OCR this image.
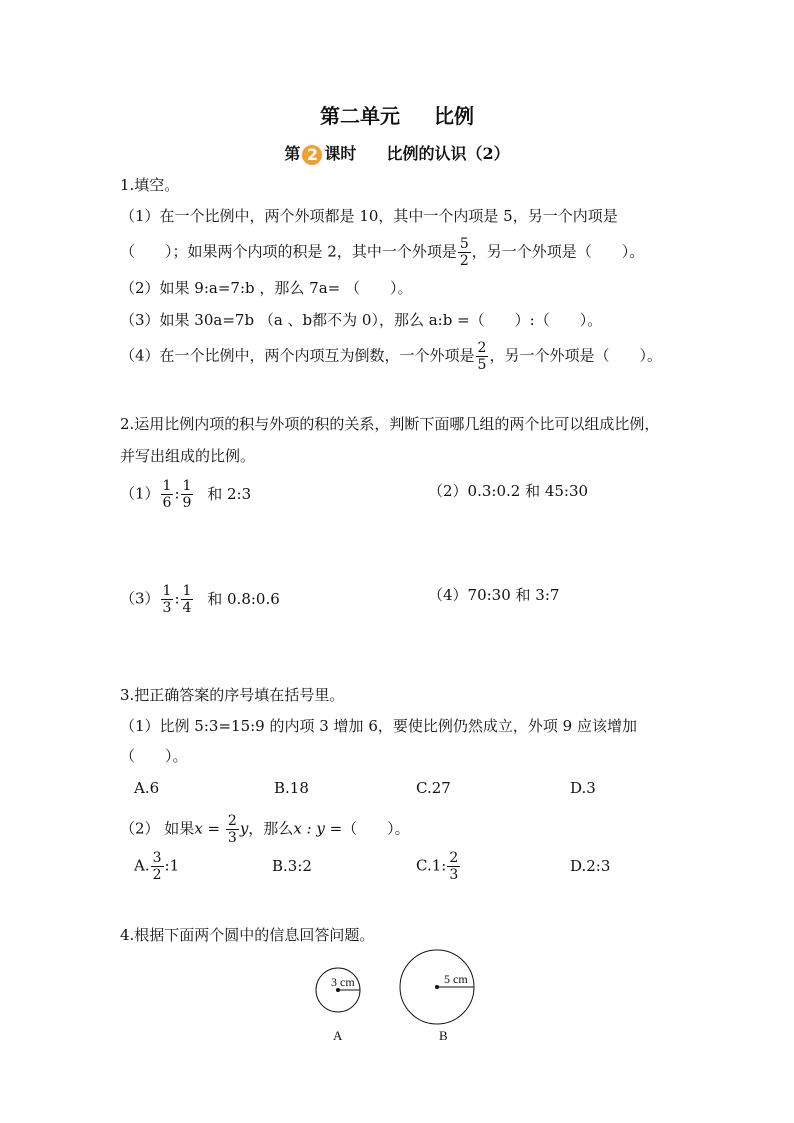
第二单元 比例
第 2 课时 比例的认识（2）
1.填空。
（1）在一个比例中，两个外项都是 10，其中一个内项是 5，另一个内项是
（　　）；如果两个内项的积是 2，其中一个外项是 $\frac{5}{2}$ ，另一个外项是（　　）。
（2）如果 9:a=7:b ，那么 7a= （　　）。
（3）如果 30a=7b （a 、b都不为 0），那么 a:b =（　　）:（　　）。
（4）在一个比例中，两个内项互为倒数，一个外项是 $\frac{2}{5}$ ，另一个外项是（　　）。
2.运用比例内项的积与外项的积的关系，判断下面哪几组的两个比可以组成比例，
并写出组成的比例。
$(1) \frac{1}{6}$ : $\frac{1}{9}$ 和 2:3	（2）0.3:0.2 和 45:30
$(3) \frac{1}{3}$ : $\frac{1}{4}$ 和 0.8:0.6	（4）70:30 和 3:7
3.把正确答案的序号填在括号里。
（1）比例 5:3=15:9 的内项 3 增加 6，要使比例仍然成立，外项 9 应该增加
（　　）。
A.6	B.18	C.27	D.3
（2） 如果$x = \frac{2}{3}$ y，那么x : y =（　　）。
A. $\frac{3}{2}$ :1	B.3:2	C.1: $\frac{2}{3}$	D.2:3
4.根据下面两个圆中的信息回答问题。
3 cm
A
5 cm
B
